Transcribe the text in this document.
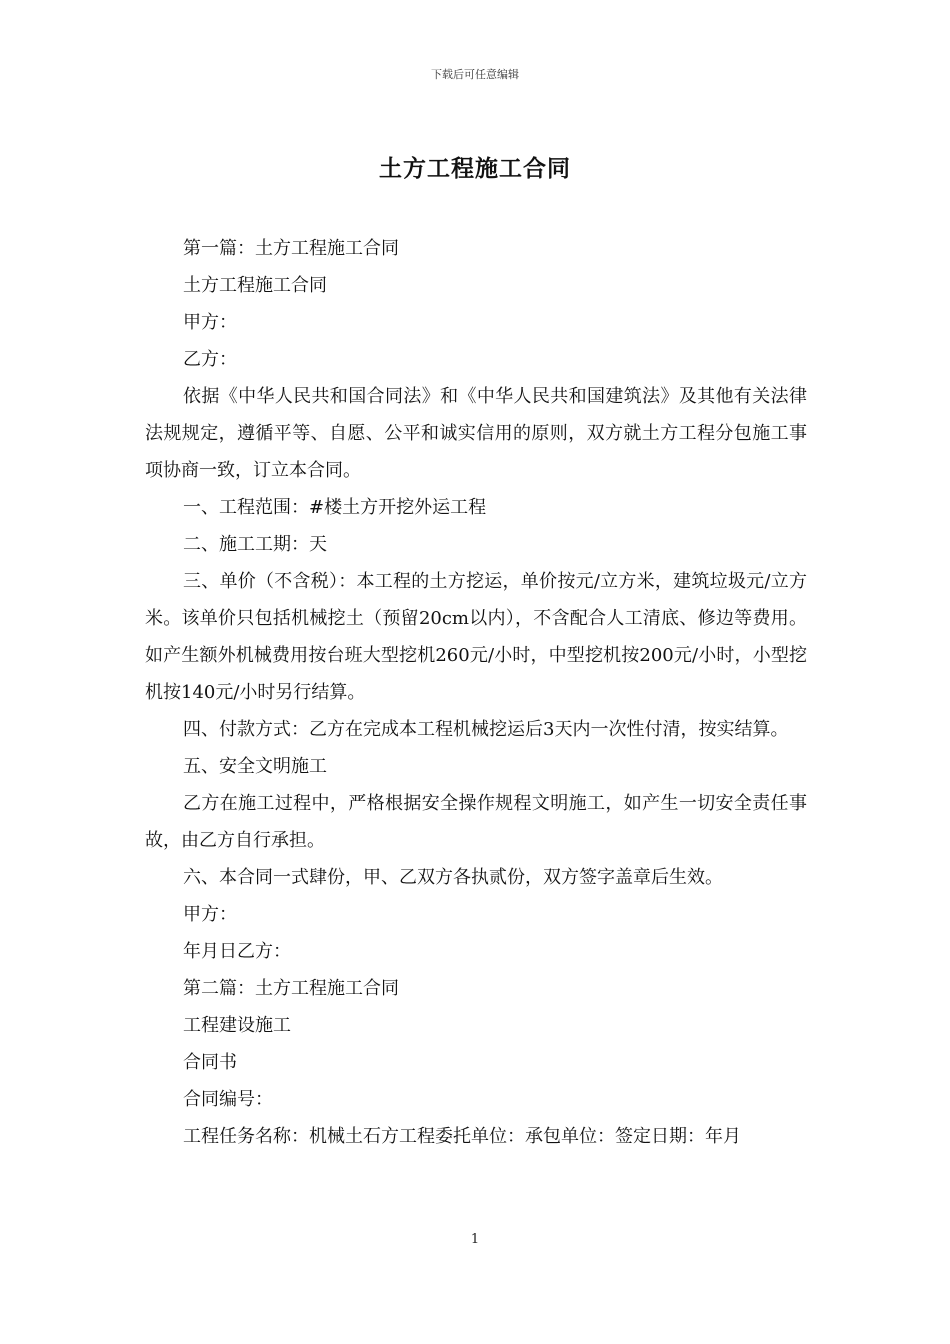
下载后可任意编辑
土方工程施工合同

第一篇：土方工程施工合同

土方工程施工合同

甲方：

乙方：

依据《中华人民共和国合同法》和《中华人民共和国建筑法》及其他有关法律法规规定，遵循平等、自愿、公平和诚实信用的原则，双方就土方工程分包施工事项协商一致，订立本合同。

一、工程范围：#楼土方开挖外运工程

二、施工工期：天

三、单价（不含税）：本工程的土方挖运，单价按元/立方米，建筑垃圾元/立方米。该单价只包括机械挖土（预留20cm以内），不含配合人工清底、修边等费用。如产生额外机械费用按台班大型挖机260元/小时，中型挖机按200元/小时，小型挖机按140元/小时另行结算。

四、付款方式：乙方在完成本工程机械挖运后3天内一次性付清，按实结算。

五、安全文明施工

乙方在施工过程中，严格根据安全操作规程文明施工，如产生一切安全责任事故，由乙方自行承担。

六、本合同一式肆份，甲、乙双方各执贰份，双方签字盖章后生效。

甲方：

年月日乙方：

第二篇：土方工程施工合同

工程建设施工

合同书

合同编号：

工程任务名称：机械土石方工程委托单位：承包单位：签定日期：年月

1
